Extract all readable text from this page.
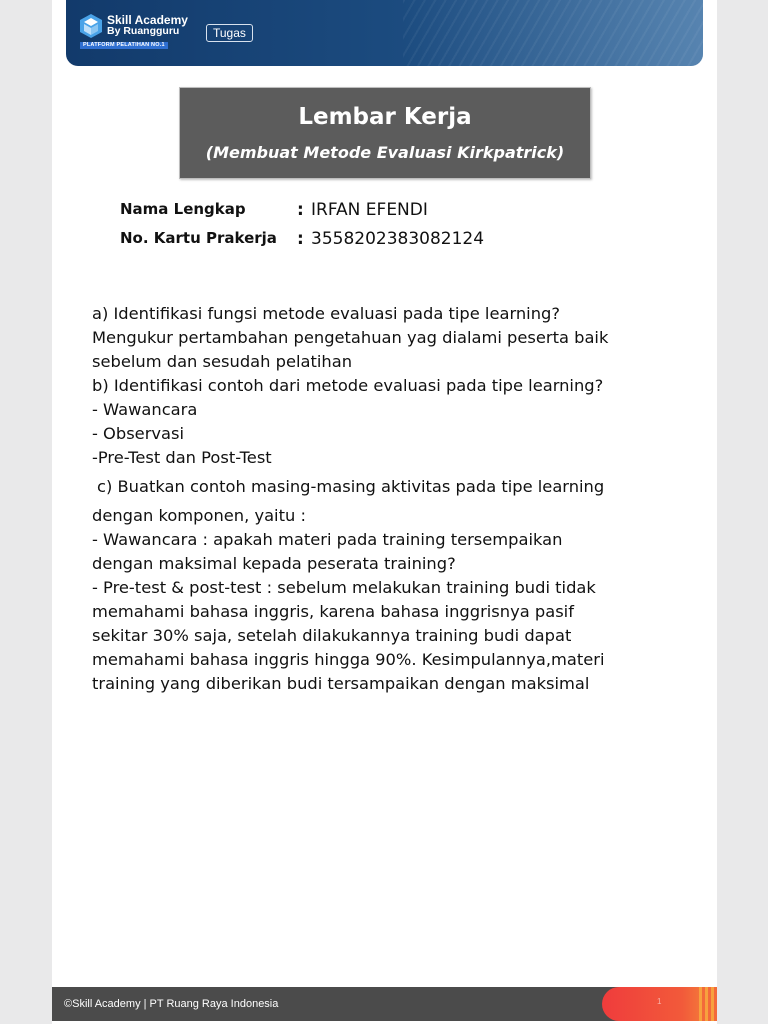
Skill Academy
By Ruangguru
PLATFORM PELATIHAN NO.1
Tugas
Lembar Kerja
(Membuat Metode Evaluasi Kirkpatrick)
Nama Lengkap	: IRFAN EFENDI
No. Kartu Prakerja : 3558202383082124
a) Identifikasi fungsi metode evaluasi pada tipe learning?
Mengukur pertambahan pengetahuan yag dialami peserta baik
sebelum dan sesudah pelatihan
b) Identifikasi contoh dari metode evaluasi pada tipe learning?
- Wawancara
- Observasi
-Pre-Test dan Post-Test
c) Buatkan contoh masing-masing aktivitas pada tipe learning
dengan komponen, yaitu :
- Wawancara : apakah materi pada training tersempaikan
dengan maksimal kepada peserata training?
- Pre-test & post-test : sebelum melakukan training budi tidak
memahami bahasa inggris, karena bahasa inggrisnya pasif
sekitar 30% saja, setelah dilakukannya training budi dapat
memahami bahasa inggris hingga 90%. Kesimpulannya,materi
training yang diberikan budi tersampaikan dengan maksimal
©Skill Academy | PT Ruang Raya Indonesia	1
